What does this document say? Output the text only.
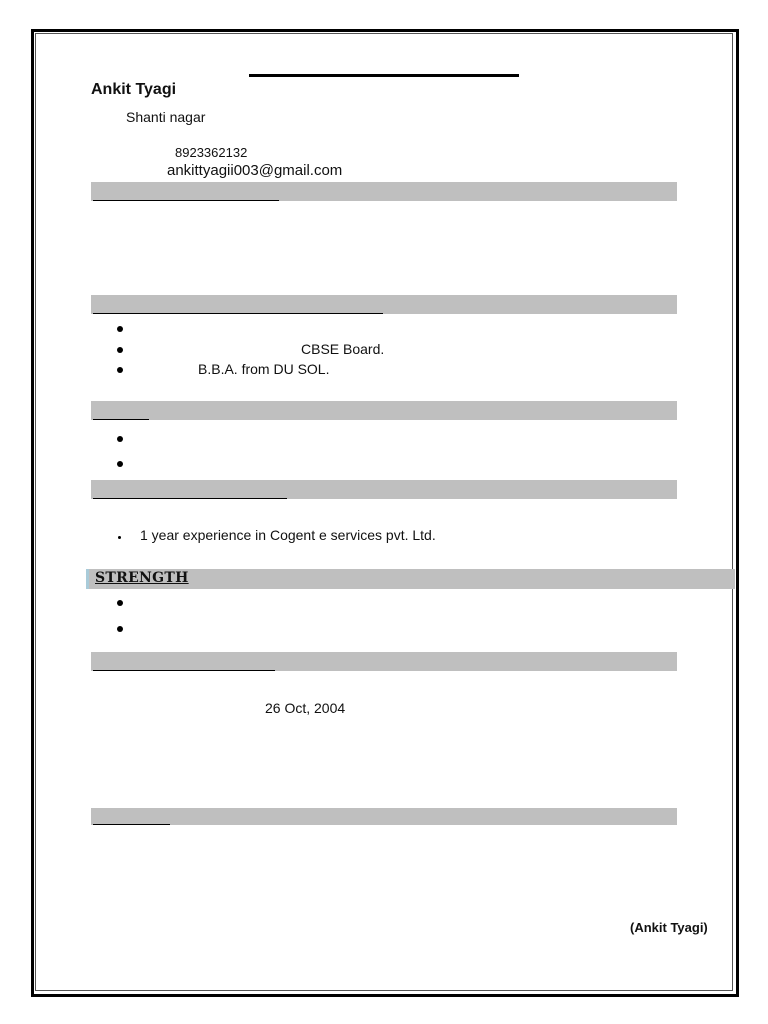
Ankit Tyagi
Shanti nagar
8923362132
ankittyagii003@gmail.com
CBSE Board.
B.B.A. from DU SOL.
1 year experience in Cogent e services pvt. Ltd.
STRENGTH
26 Oct, 2004
(Ankit Tyagi)
